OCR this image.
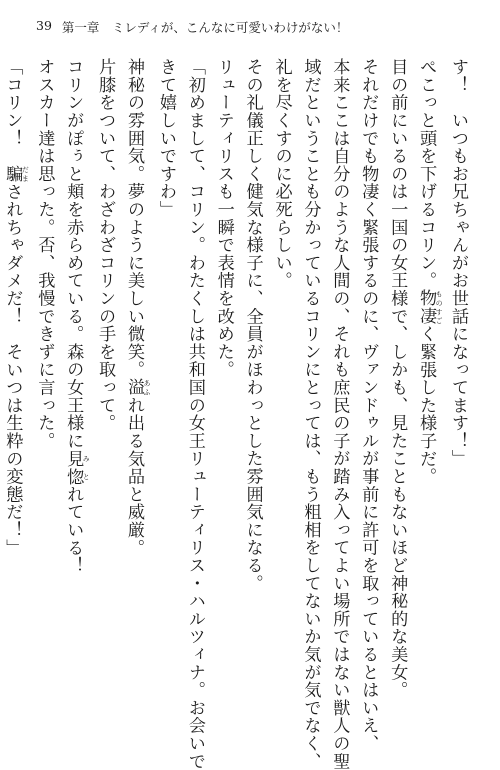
39 第一章　ミレディが、こんなに可愛いわけがない！
す！　いつもお兄ちゃんがお世話になってます！」
ぺこっと頭を下げるコリン。物凄 ものすごく緊張した様子だ。
目の前にいるのは一国の女王様で、しかも、見たこともないほど神秘的な美女。
それだけでも物凄く緊張するのに、ヴァンドゥルが事前に許可を取っているとはいえ、
本来ここは自分のような人間の、それも庶民の子が踏み入ってよい場所ではない獣人の聖
域だということも分かっているコリンにとっては、もう粗相をしてないか気が気でなく、
礼を尽くすのに必死らしい。
その礼儀正しく健気な様子に、全員がほわっとした雰囲気になる。
リューティリスも一瞬で表情を改めた。
「初めまして、コリン。わたくしは共和国の女王リューティリス・ハルツィナ。お会いで
きて嬉しいですわ」
神秘の雰囲気。夢のように美しい微笑。溢 あふれ出る気品と威厳。
片膝をついて、わざわざコリンの手を取って。
コリンがぽぅと頬を赤らめている。森の女王様に見惚 みとれている！
オスカー達は思った。否、我慢できずに言った。
「コリン！　騙 だまされちゃダメだ！　そいつは生粋の変態だ！」
